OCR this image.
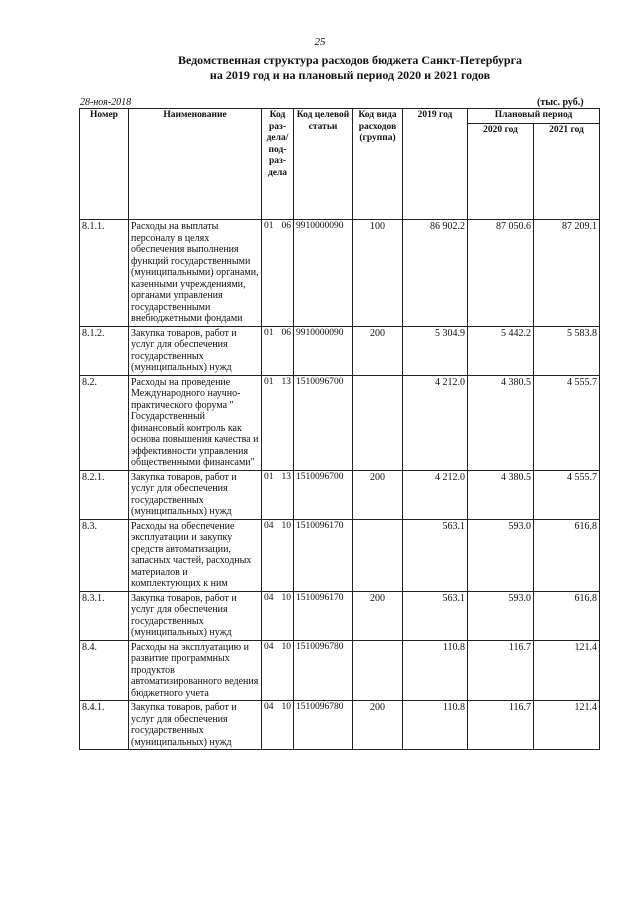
25
Ведомственная структура расходов бюджета Санкт-Петербурга
на 2019 год и на плановый период 2020 и 2021 годов
28-ноя-2018	(тыс. руб.)
Номер	Наименование	Код раз-дела/ под-раз-дела	Код целевой статьи	Код вида расходов (группа)	2019 год	Плановый период	
						2020 год	2021 год
8.1.1.	Расходы на выплаты персоналу в целях обеспечения выполнения функций государственными (муниципальными) органами, казенными учреждениями, органами управления государственными внебюджетными фондами	01 06	9910000090	100	86 902.2	87 050.6	87 209.1
8.1.2.	Закупка товаров, работ и услуг для обеспечения государственных (муниципальных) нужд	01 06	9910000090	200	5 304.9	5 442.2	5 583.8
8.2.	Расходы на проведение Международного научно-практического форума " Государственный финансовый контроль как основа повышения качества и эффективности управления общественными финансами"	01 13	1510096700		4 212.0	4 380.5	4 555.7
8.2.1.	Закупка товаров, работ и услуг для обеспечения государственных (муниципальных) нужд	01 13	1510096700	200	4 212.0	4 380.5	4 555.7
8.3.	Расходы на обеспечение эксплуатации и закупку средств автоматизации, запасных частей, расходных материалов и комплектующих к ним	04 10	1510096170		563.1	593.0	616.8
8.3.1.	Закупка товаров, работ и услуг для обеспечения государственных (муниципальных) нужд	04 10	1510096170	200	563.1	593.0	616.8
8.4.	Расходы на эксплуатацию и развитие программных продуктов автоматизированного ведения бюджетного учета	04 10	1510096780		110.8	116.7	121.4
8.4.1.	Закупка товаров, работ и услуг для обеспечения государственных (муниципальных) нужд	04 10	1510096780	200	110.8	116.7	121.4
